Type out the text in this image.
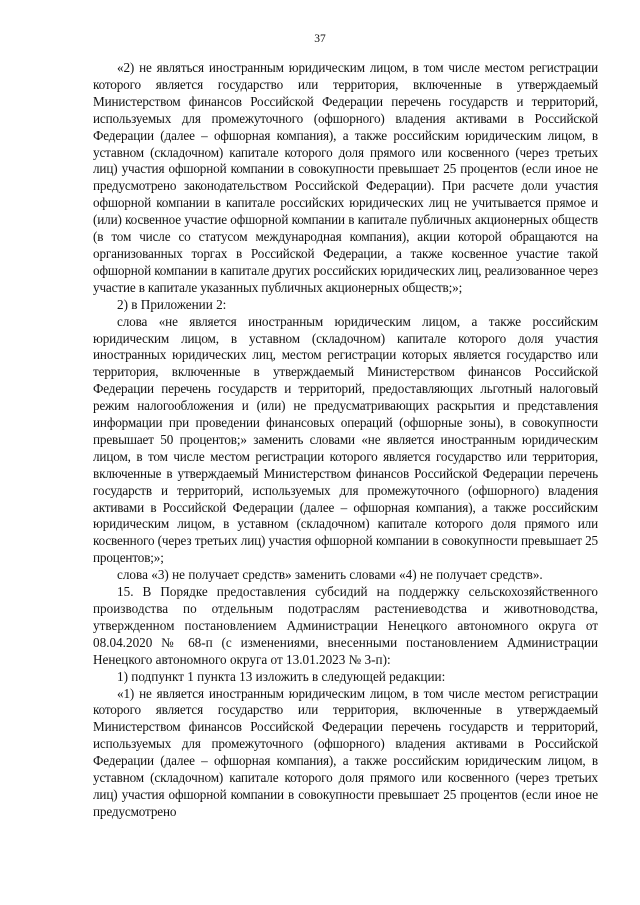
37

«2) не являться иностранным юридическим лицом, в том числе местом регистрации которого является государство или территория, включенные в утверждаемый Министерством финансов Российской Федерации перечень государств и территорий, используемых для промежуточного (офшорного) владения активами в Российской Федерации (далее – офшорная компания), а также российским юридическим лицом, в уставном (складочном) капитале которого доля прямого или косвенного (через третьих лиц) участия офшорной компании в совокупности превышает 25 процентов (если иное не предусмотрено законодательством Российской Федерации). При расчете доли участия офшорной компании в капитале российских юридических лиц не учитывается прямое и (или) косвенное участие офшорной компании в капитале публичных акционерных обществ (в том числе со статусом международная компания), акции которой обращаются на организованных торгах в Российской Федерации, а также косвенное участие такой офшорной компании в капитале других российских юридических лиц, реализованное через участие в капитале указанных публичных акционерных обществ;»;

2) в Приложении 2:

слова «не является иностранным юридическим лицом, а также российским юридическим лицом, в уставном (складочном) капитале которого доля участия иностранных юридических лиц, местом регистрации которых является государство или территория, включенные в утверждаемый Министерством финансов Российской Федерации перечень государств и территорий, предоставляющих льготный налоговый режим налогообложения и (или) не предусматривающих раскрытия и представления информации при проведении финансовых операций (офшорные зоны), в совокупности превышает 50 процентов;» заменить словами «не является иностранным юридическим лицом, в том числе местом регистрации которого является государство или территория, включенные в утверждаемый Министерством финансов Российской Федерации перечень государств и территорий, используемых для промежуточного (офшорного) владения активами в Российской Федерации (далее – офшорная компания), а также российским юридическим лицом, в уставном (складочном) капитале которого доля прямого или косвенного (через третьих лиц) участия офшорной компании в совокупности превышает 25 процентов;»;

слова «3) не получает средств» заменить словами «4) не получает средств».

15. В Порядке предоставления субсидий на поддержку сельскохозяйственного производства по отдельным подотраслям растениеводства и животноводства, утвержденном постановлением Администрации Ненецкого автономного округа от 08.04.2020 № 68-п (с изменениями, внесенными постановлением Администрации Ненецкого автономного округа от 13.01.2023 № 3-п):

1) подпункт 1 пункта 13 изложить в следующей редакции:

«1) не является иностранным юридическим лицом, в том числе местом регистрации которого является государство или территория, включенные в утверждаемый Министерством финансов Российской Федерации перечень государств и территорий, используемых для промежуточного (офшорного) владения активами в Российской Федерации (далее – офшорная компания), а также российским юридическим лицом, в уставном (складочном) капитале которого доля прямого или косвенного (через третьих лиц) участия офшорной компании в совокупности превышает 25 процентов (если иное не предусмотрено
